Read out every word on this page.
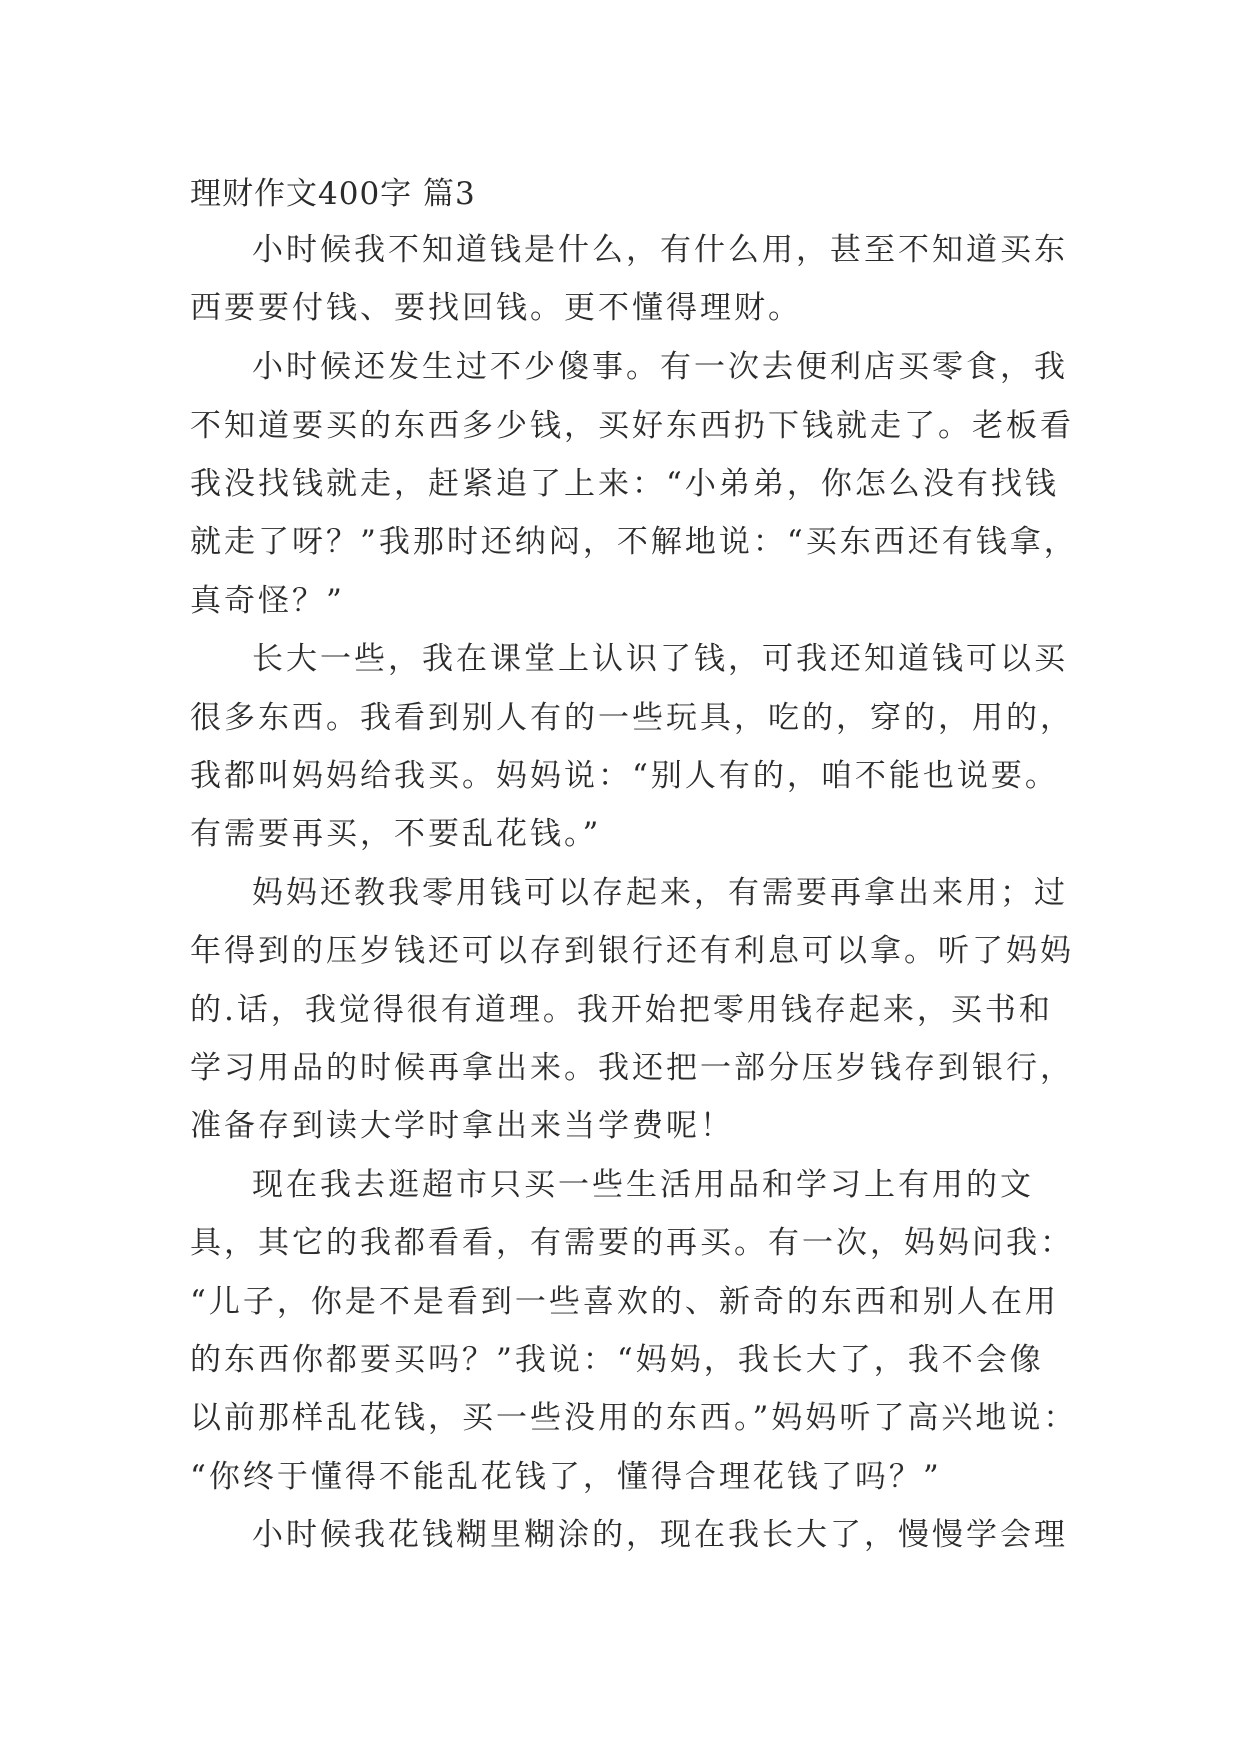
理财作文400字 篇3
小时候我不知道钱是什么，有什么用，甚至不知道买东
西要要付钱、要找回钱。更不懂得理财。
小时候还发生过不少傻事。有一次去便利店买零食，我
不知道要买的东西多少钱，买好东西扔下钱就走了。老板看
我没找钱就走，赶紧追了上来：“小弟弟，你怎么没有找钱
就走了呀？”我那时还纳闷，不解地说：“买东西还有钱拿，
真奇怪？”
长大一些，我在课堂上认识了钱，可我还知道钱可以买
很多东西。我看到别人有的一些玩具，吃的，穿的，用的，
我都叫妈妈给我买。妈妈说：“别人有的，咱不能也说要。
有需要再买，不要乱花钱。”
妈妈还教我零用钱可以存起来，有需要再拿出来用；过
年得到的压岁钱还可以存到银行还有利息可以拿。听了妈妈
的.话，我觉得很有道理。我开始把零用钱存起来，买书和
学习用品的时候再拿出来。我还把一部分压岁钱存到银行，
准备存到读大学时拿出来当学费呢！
现在我去逛超市只买一些生活用品和学习上有用的文
具，其它的我都看看，有需要的再买。有一次，妈妈问我：
“儿子，你是不是看到一些喜欢的、新奇的东西和别人在用
的东西你都要买吗？”我说：“妈妈，我长大了，我不会像
以前那样乱花钱，买一些没用的东西。”妈妈听了高兴地说：
“你终于懂得不能乱花钱了，懂得合理花钱了吗？”
小时候我花钱糊里糊涂的，现在我长大了，慢慢学会理
